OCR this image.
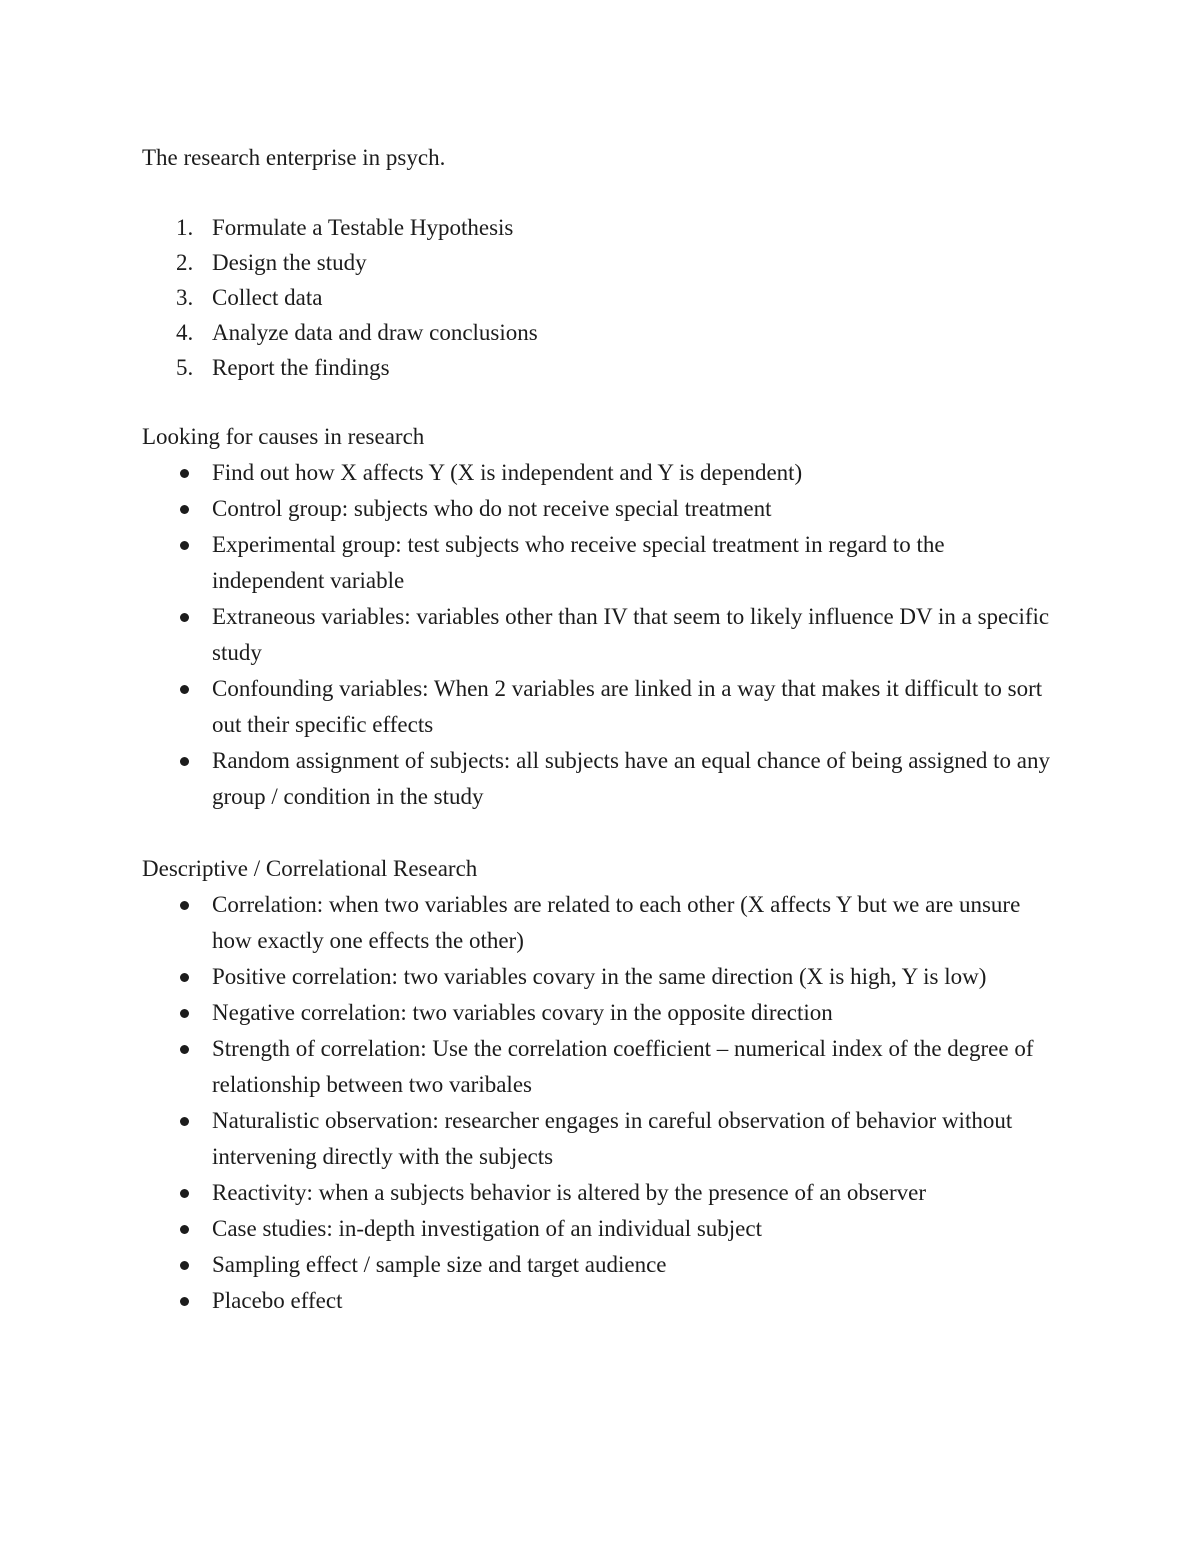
The research enterprise in psych.
1. Formulate a Testable Hypothesis
2. Design the study
3. Collect data
4. Analyze data and draw conclusions
5. Report the findings
Looking for causes in research
Find out how X affects Y (X is independent and Y is dependent)
Control group: subjects who do not receive special treatment
Experimental group: test subjects who receive special treatment in regard to the independent variable
Extraneous variables: variables other than IV that seem to likely influence DV in a specific study
Confounding variables: When 2 variables are linked in a way that makes it difficult to sort out their specific effects
Random assignment of subjects: all subjects have an equal chance of being assigned to any group / condition in the study
Descriptive / Correlational Research
Correlation: when two variables are related to each other (X affects Y but we are unsure how exactly one effects the other)
Positive correlation: two variables covary in the same direction (X is high, Y is low)
Negative correlation: two variables covary in the opposite direction
Strength of correlation: Use the correlation coefficient – numerical index of the degree of relationship between two varibales
Naturalistic observation: researcher engages in careful observation of behavior without intervening directly with the subjects
Reactivity: when a subjects behavior is altered by the presence of an observer
Case studies: in-depth investigation of an individual subject
Sampling effect / sample size and target audience
Placebo effect
